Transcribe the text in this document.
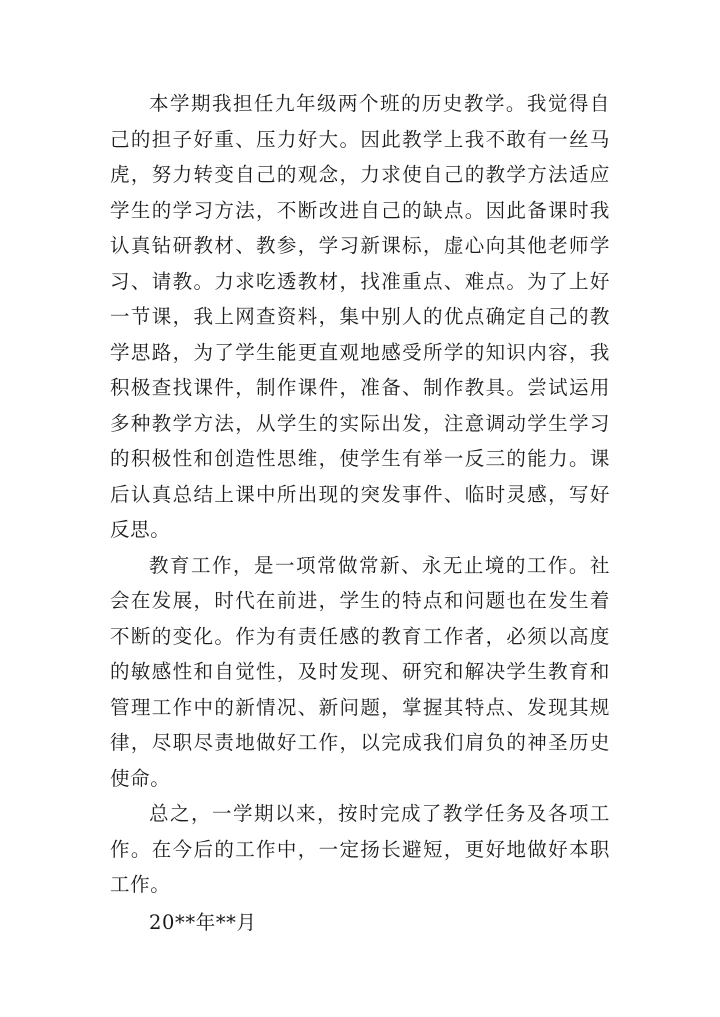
本学期我担任九年级两个班的历史教学。我觉得自己的担子好重、压力好大。因此教学上我不敢有一丝马虎，努力转变自己的观念，力求使自己的教学方法适应学生的学习方法，不断改进自己的缺点。因此备课时我认真钻研教材、教参，学习新课标，虚心向其他老师学习、请教。力求吃透教材，找准重点、难点。为了上好一节课，我上网查资料，集中别人的优点确定自己的教学思路，为了学生能更直观地感受所学的知识内容，我积极查找课件，制作课件，准备、制作教具。尝试运用多种教学方法，从学生的实际出发，注意调动学生学习的积极性和创造性思维，使学生有举一反三的能力。课后认真总结上课中所出现的突发事件、临时灵感，写好反思。

教育工作，是一项常做常新、永无止境的工作。社会在发展，时代在前进，学生的特点和问题也在发生着不断的变化。作为有责任感的教育工作者，必须以高度的敏感性和自觉性，及时发现、研究和解决学生教育和管理工作中的新情况、新问题，掌握其特点、发现其规律，尽职尽责地做好工作，以完成我们肩负的神圣历史使命。

总之，一学期以来，按时完成了教学任务及各项工作。在今后的工作中，一定扬长避短，更好地做好本职工作。

20**年**月
